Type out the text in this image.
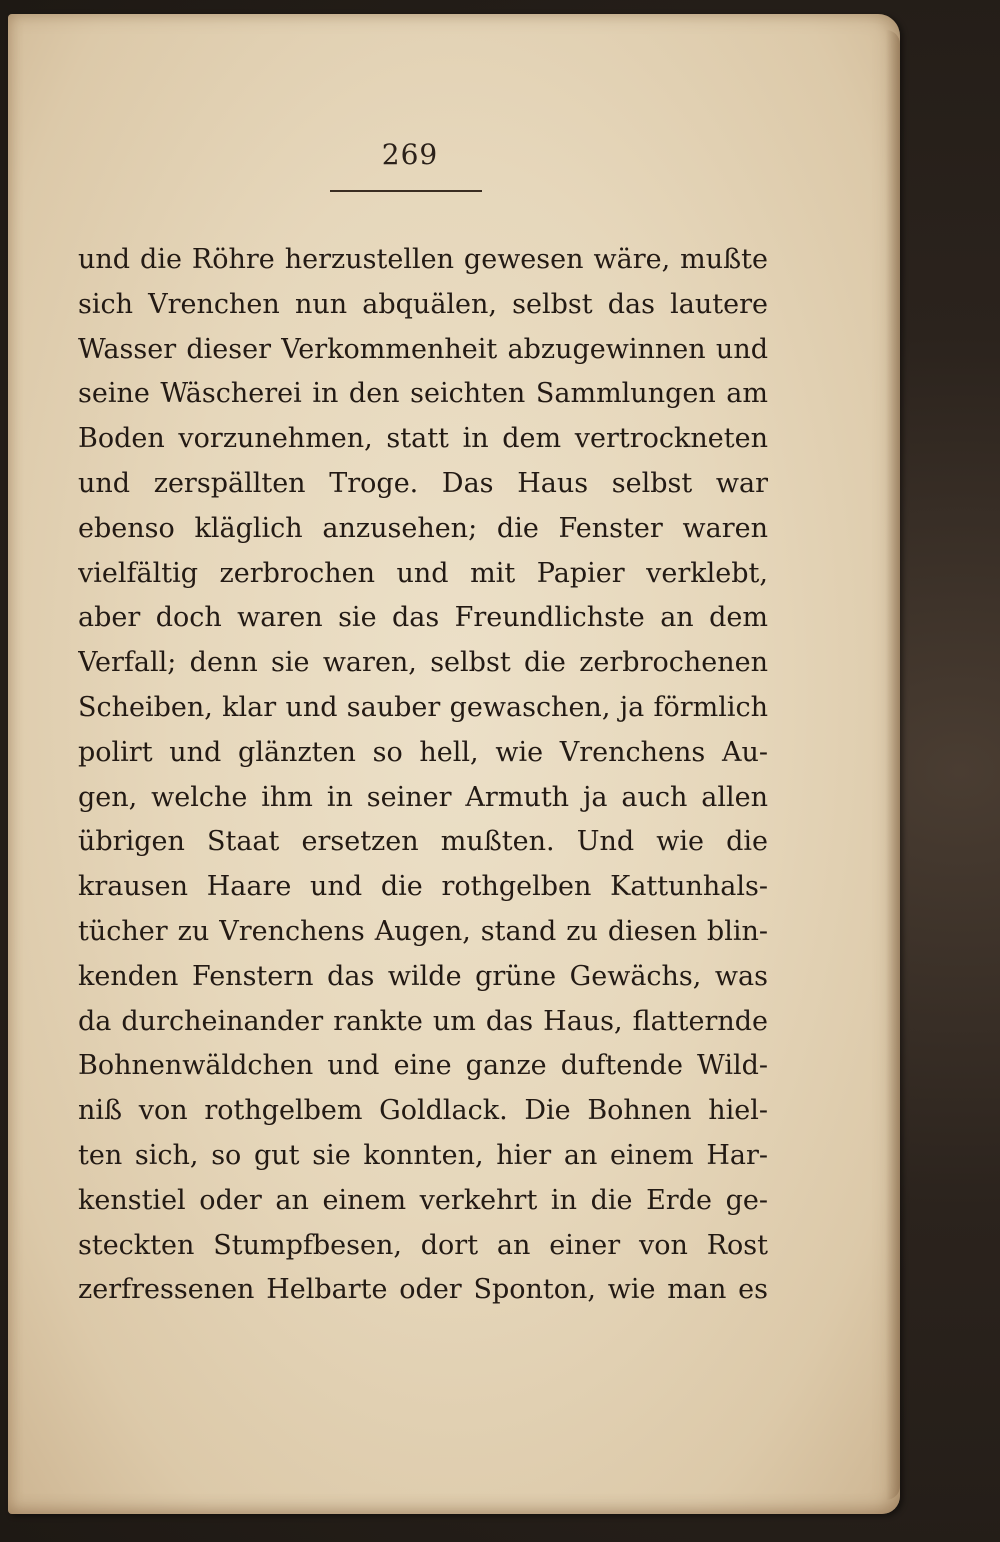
269
und die Röhre herzustellen gewesen wäre, mußte
sich Vrenchen nun abquälen, selbst das lautere
Wasser dieser Verkommenheit abzugewinnen und
seine Wäscherei in den seichten Sammlungen am
Boden vorzunehmen, statt in dem vertrockneten
und zerspällten Troge. Das Haus selbst war
ebenso kläglich anzusehen; die Fenster waren
vielfältig zerbrochen und mit Papier verklebt,
aber doch waren sie das Freundlichste an dem
Verfall; denn sie waren, selbst die zerbrochenen
Scheiben, klar und sauber gewaschen, ja förmlich
polirt und glänzten so hell, wie Vrenchens Au-
gen, welche ihm in seiner Armuth ja auch allen
übrigen Staat ersetzen mußten. Und wie die
krausen Haare und die rothgelben Kattunhals-
tücher zu Vrenchens Augen, stand zu diesen blin-
kenden Fenstern das wilde grüne Gewächs, was
da durcheinander rankte um das Haus, flatternde
Bohnenwäldchen und eine ganze duftende Wild-
niß von rothgelbem Goldlack. Die Bohnen hiel-
ten sich, so gut sie konnten, hier an einem Har-
kenstiel oder an einem verkehrt in die Erde ge-
steckten Stumpfbesen, dort an einer von Rost
zerfressenen Helbarte oder Sponton, wie man es
